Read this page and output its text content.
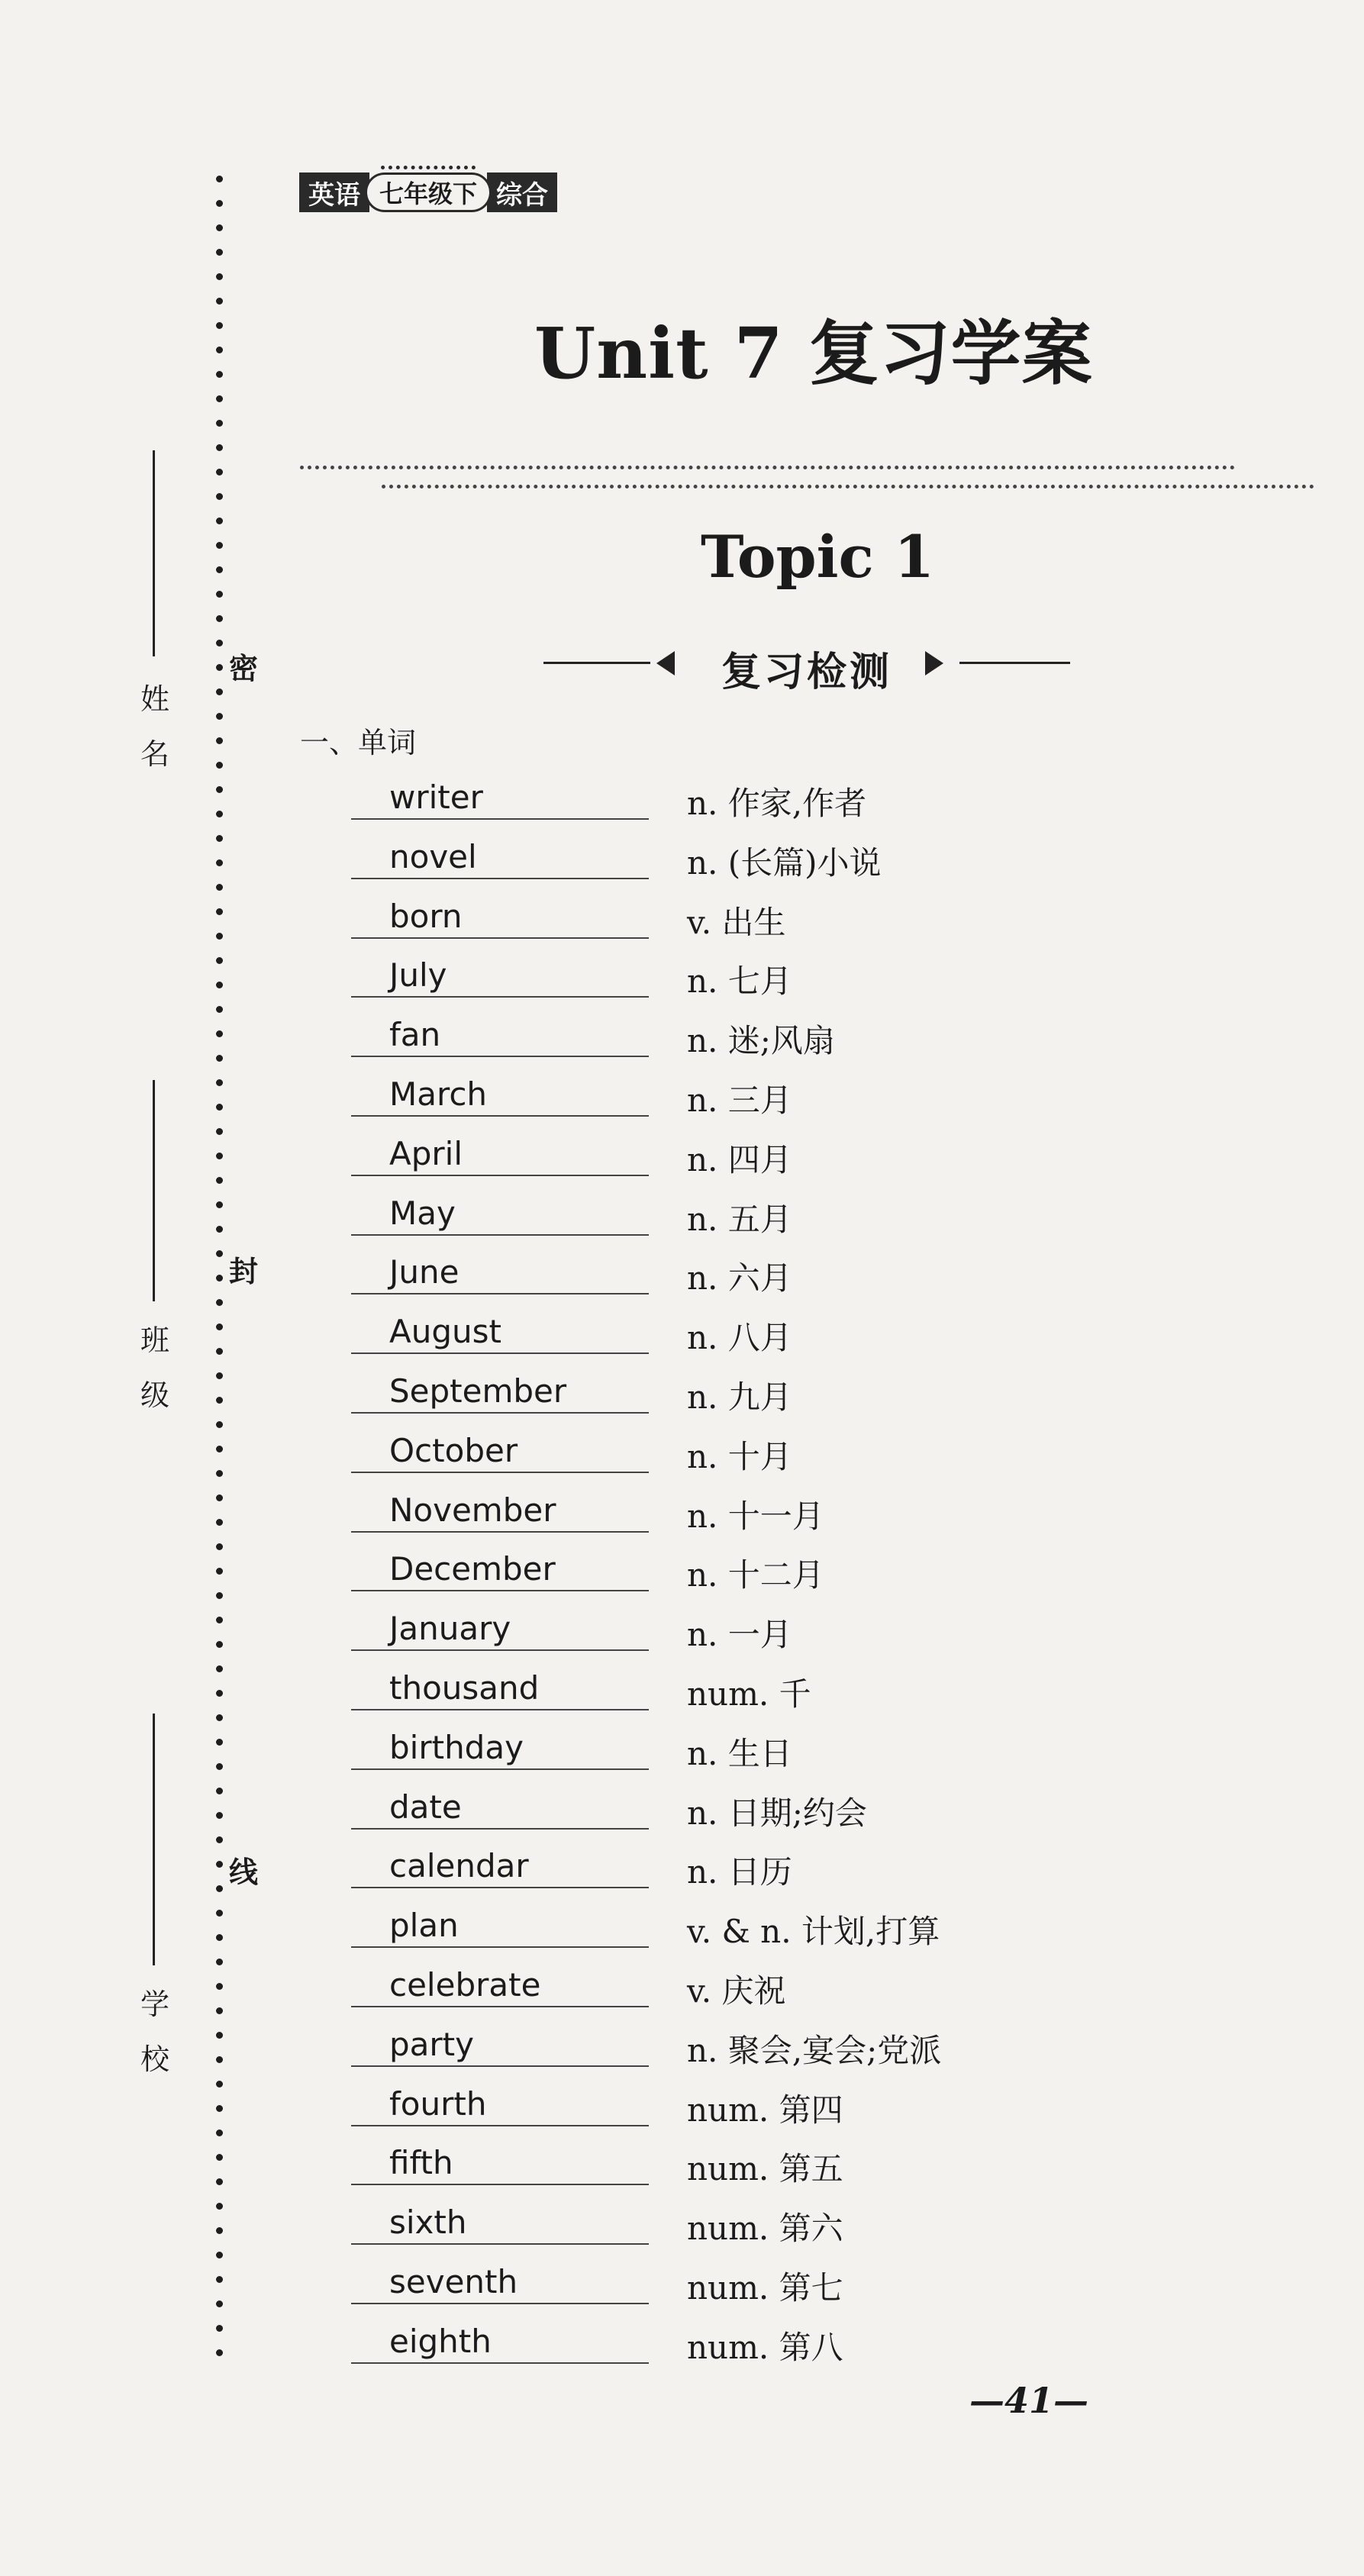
密
封
线
姓
名
班
级
学
校
英语 七年级下 综合
Unit 7 复习学案
Topic 1
复习检测
一、单词
writer	n. 作家,作者
novel	n. (长篇)小说
born	v. 出生
July	n. 七月
fan	n. 迷;风扇
March	n. 三月
April	n. 四月
May	n. 五月
June	n. 六月
August	n. 八月
September	n. 九月
October	n. 十月
November	n. 十一月
December	n. 十二月
January	n. 一月
thousand	num. 千
birthday	n. 生日
date	n. 日期;约会
calendar	n. 日历
plan	v. & n. 计划,打算
celebrate	v. 庆祝
party	n. 聚会,宴会;党派
fourth	num. 第四
fifth	num. 第五
sixth	num. 第六
seventh	num. 第七
eighth	num. 第八
—41—
